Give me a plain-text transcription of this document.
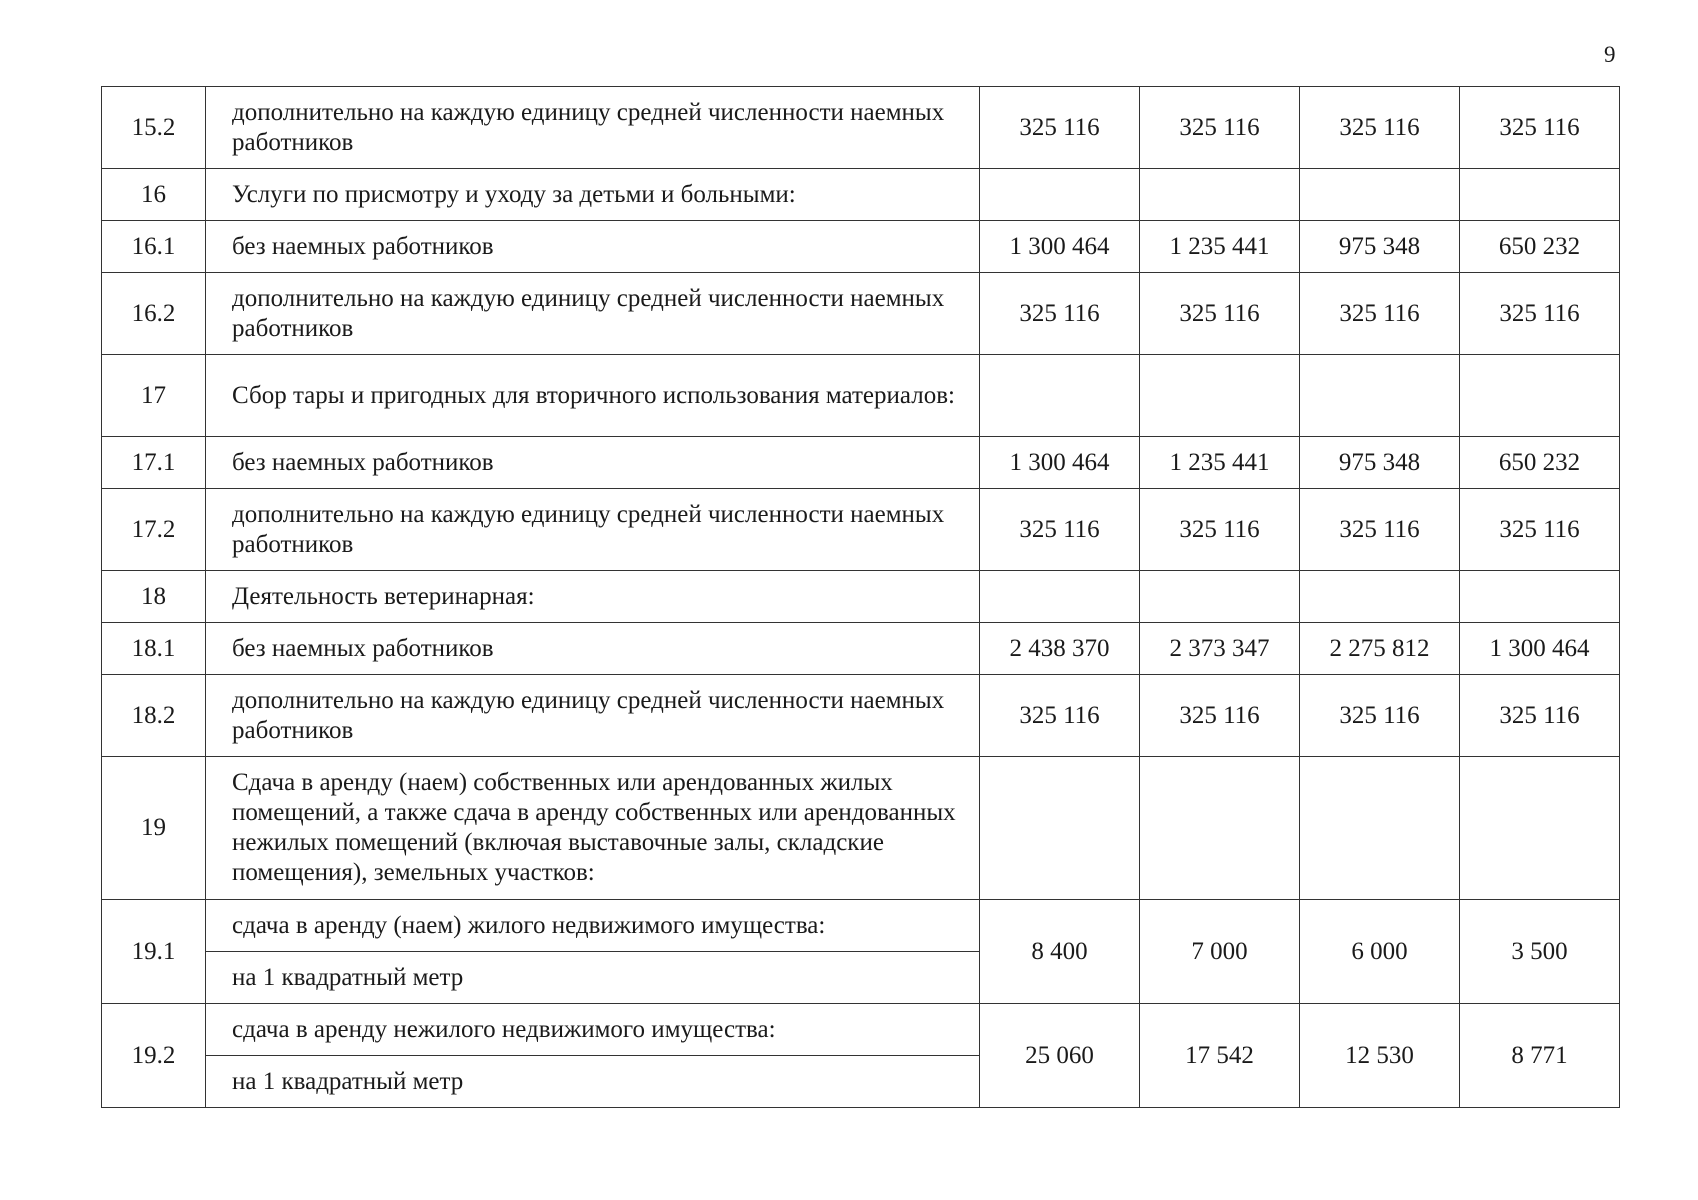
9
15.2	дополнительно на каждую единицу средней численности наемных работников	325 116	325 116	325 116	325 116
16	Услуги по присмотру и уходу за детьми и больными:				
16.1	без наемных работников	1 300 464	1 235 441	975 348	650 232
16.2	дополнительно на каждую единицу средней численности наемных работников	325 116	325 116	325 116	325 116
17	Сбор тары и пригодных для вторичного использования материалов:				
17.1	без наемных работников	1 300 464	1 235 441	975 348	650 232
17.2	дополнительно на каждую единицу средней численности наемных работников	325 116	325 116	325 116	325 116
18	Деятельность ветеринарная:				
18.1	без наемных работников	2 438 370	2 373 347	2 275 812	1 300 464
18.2	дополнительно на каждую единицу средней численности наемных работников	325 116	325 116	325 116	325 116
19	Сдача в аренду (наем) собственных или арендованных жилых помещений, а также сдача в аренду собственных или арендованных нежилых помещений (включая выставочные залы, складские помещения), земельных участков:				
19.1	сдача в аренду (наем) жилого недвижимого имущества:	8 400	7 000	6 000	3 500
	на 1 квадратный метр				
19.2	сдача в аренду нежилого недвижимого имущества:	25 060	17 542	12 530	8 771
	на 1 квадратный метр				
